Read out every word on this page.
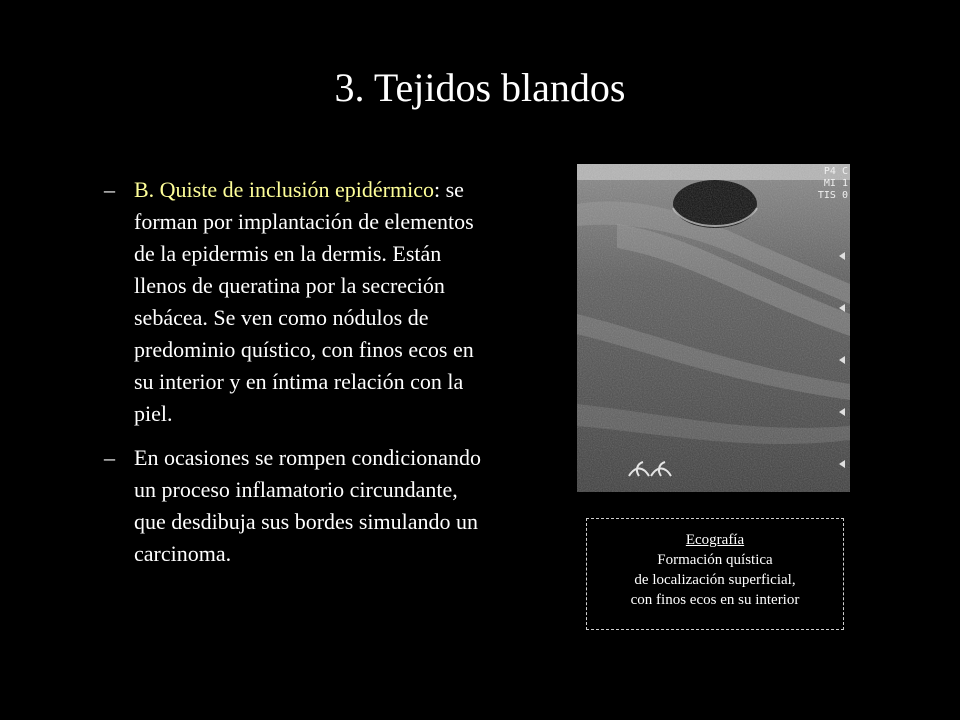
3. Tejidos blandos
– B. Quiste de inclusión epidérmico: se forman por implantación de elementos de la epidermis en la dermis. Están llenos de queratina por la secreción sebácea. Se ven como nódulos de predominio quístico, con finos ecos en su interior y en íntima relación con la piel.
– En ocasiones se rompen condicionando un proceso inflamatorio circundante, que desdibuja sus bordes simulando un carcinoma.
P4 C
MI 1
TIS 0
Ecografía
Formación quística
de localización superficial,
con finos ecos en su interior
